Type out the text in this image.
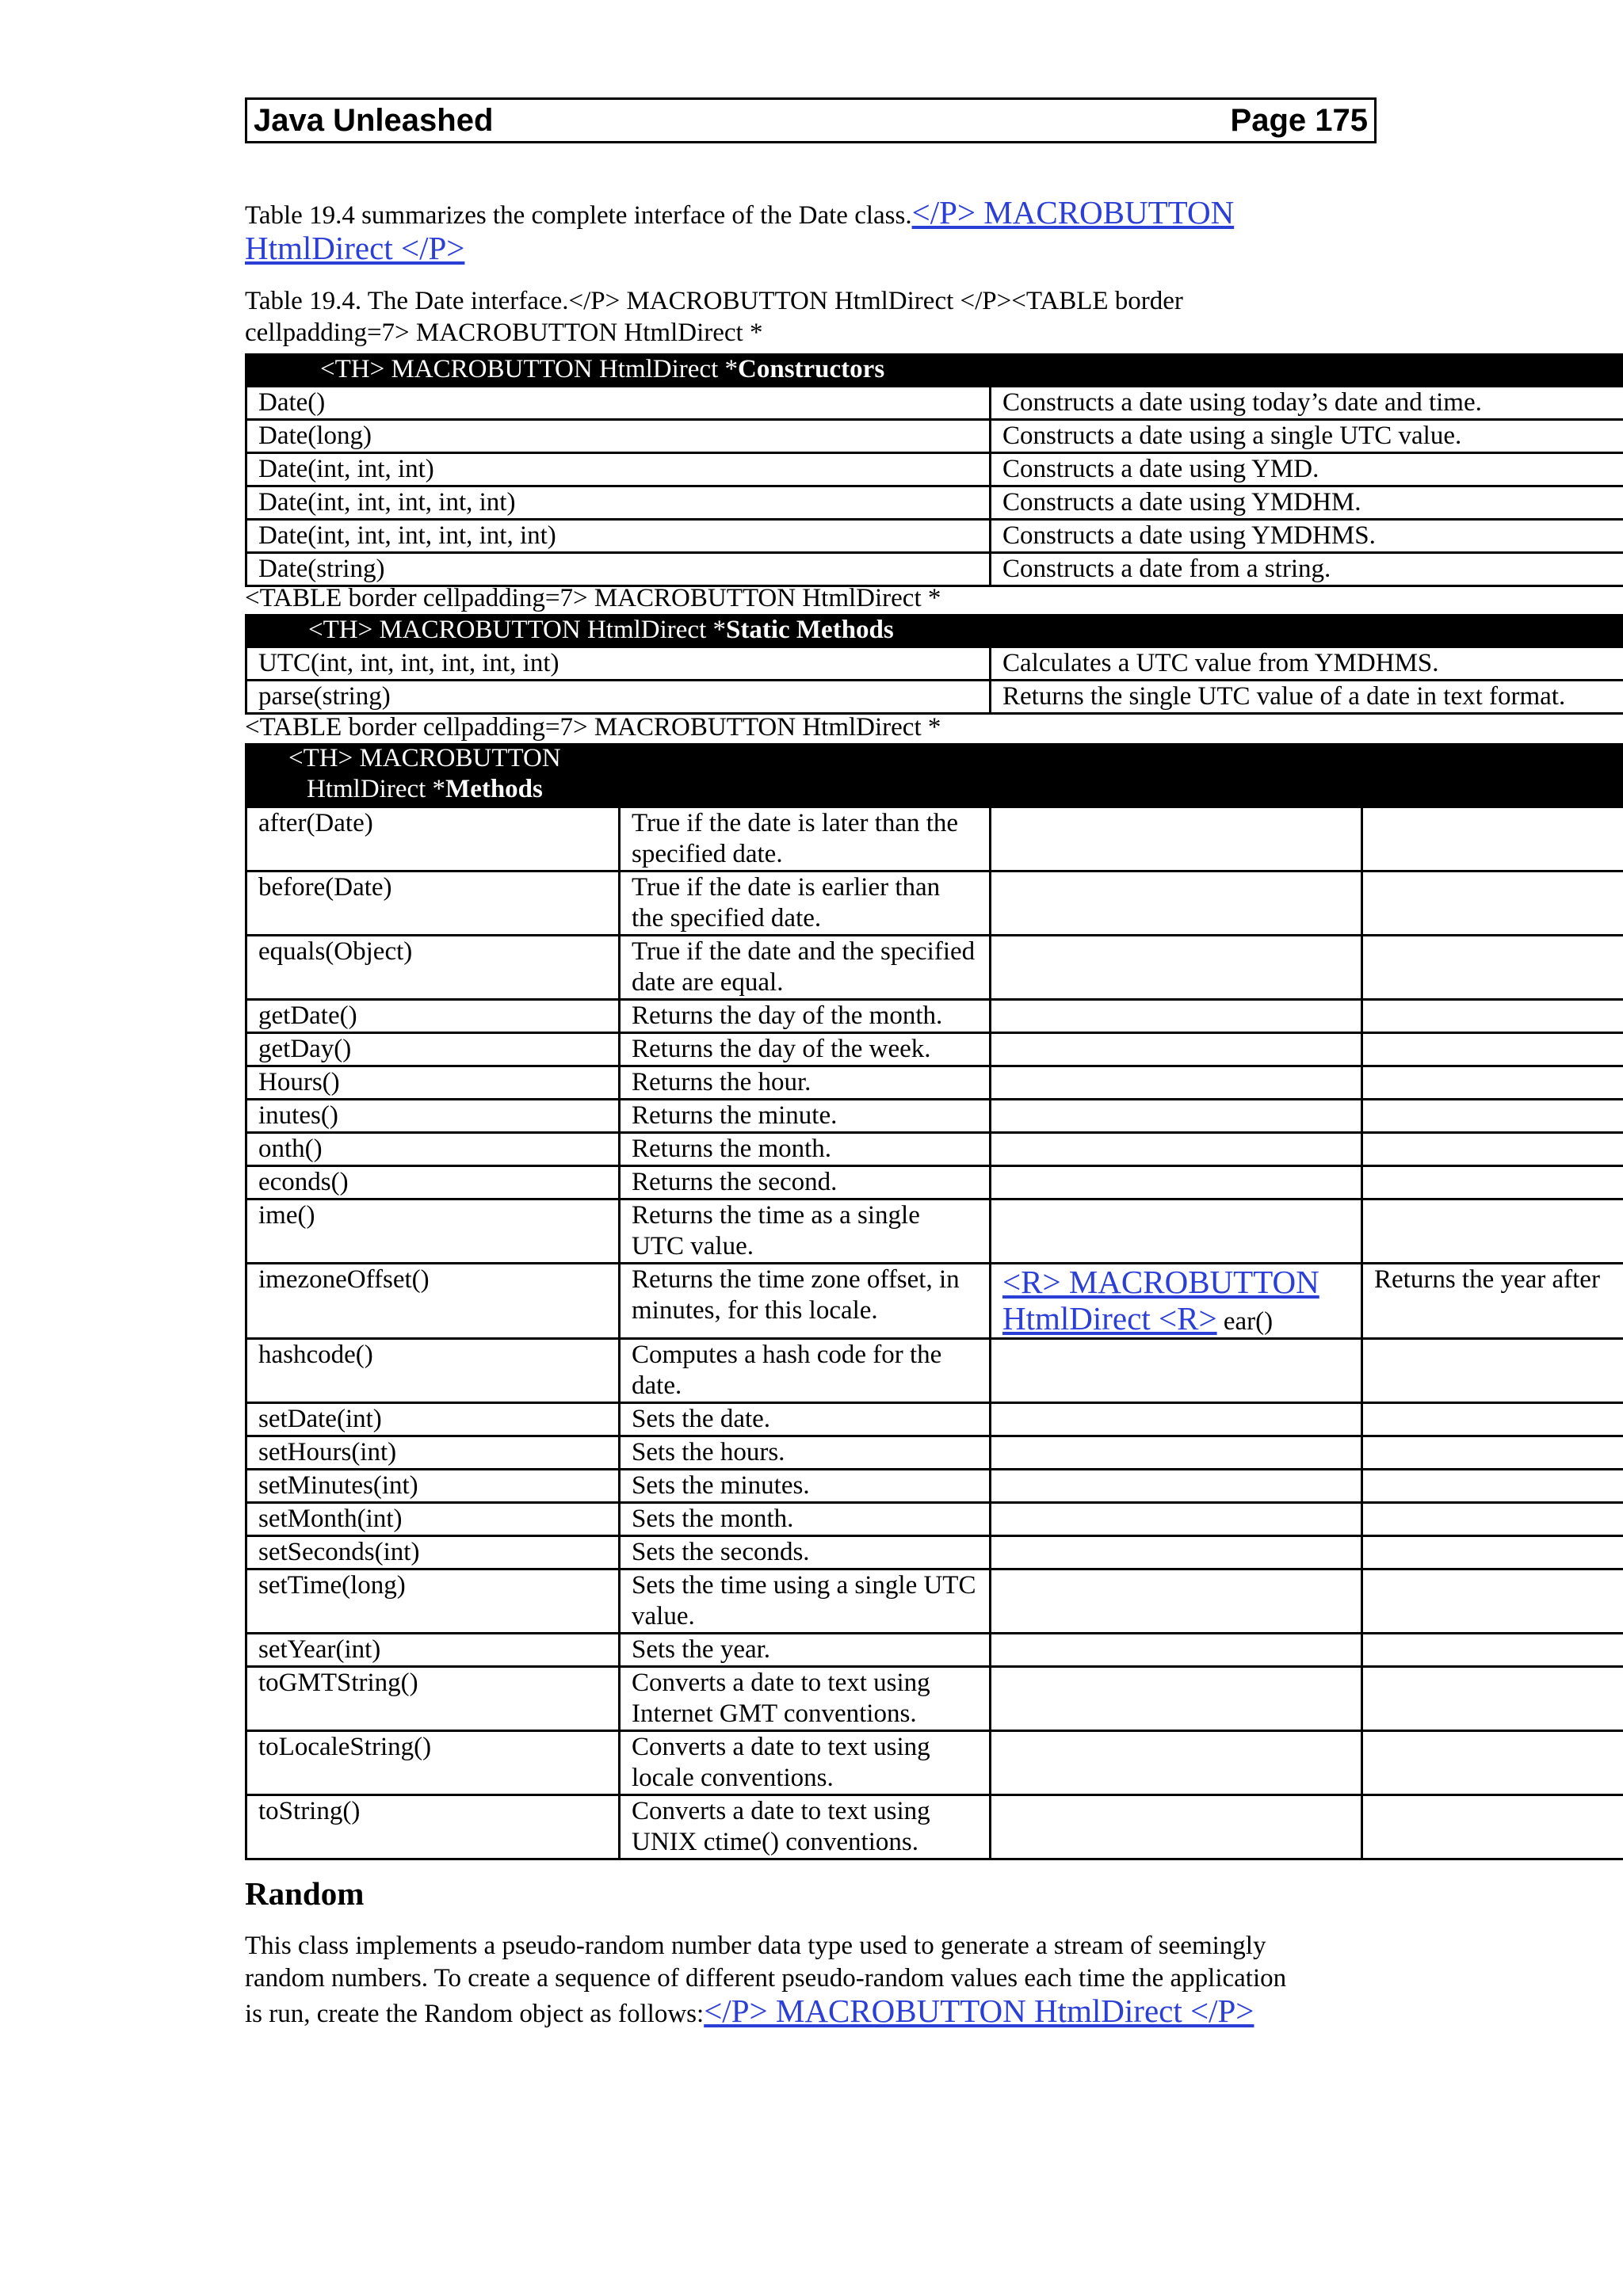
Java Unleashed	Page 175
Table 19.4 summarizes the complete interface of the Date class.</P> MACROBUTTON HtmlDirect </P>
Table 19.4. The Date interface.</P> MACROBUTTON HtmlDirect </P><TABLE border
cellpadding=7> MACROBUTTON HtmlDirect *
<TH> MACROBUTTON HtmlDirect *Constructors
Date()	Constructs a date using today’s date and time.
Date(long)	Constructs a date using a single UTC value.
Date(int, int, int)	Constructs a date using YMD.
Date(int, int, int, int, int)	Constructs a date using YMDHM.
Date(int, int, int, int, int, int)	Constructs a date using YMDHMS.
Date(string)	Constructs a date from a string.
<TABLE border cellpadding=7> MACROBUTTON HtmlDirect *
<TH> MACROBUTTON HtmlDirect *Static Methods
UTC(int, int, int, int, int, int)	Calculates a UTC value from YMDHMS.
parse(string)	Returns the single UTC value of a date in text format.
<TABLE border cellpadding=7> MACROBUTTON HtmlDirect *
<TH> MACROBUTTON
HtmlDirect *Methods
after(Date)	True if the date is later than the specified date.		
before(Date)	True if the date is earlier than the specified date.		
equals(Object)	True if the date and the specified date are equal.		
getDate()	Returns the day of the month.		
getDay()	Returns the day of the week.		
Hours()	Returns the hour.		
inutes()	Returns the minute.		
onth()	Returns the month.		
econds()	Returns the second.		
ime()	Returns the time as a single UTC value.		
imezoneOffset()	Returns the time zone offset, in minutes, for this locale.	<R> MACROBUTTON HtmlDirect <R> ear()	Returns the year after
hashcode()	Computes a hash code for the date.		
setDate(int)	Sets the date.		
setHours(int)	Sets the hours.		
setMinutes(int)	Sets the minutes.		
setMonth(int)	Sets the month.		
setSeconds(int)	Sets the seconds.		
setTime(long)	Sets the time using a single UTC value.		
setYear(int)	Sets the year.		
toGMTString()	Converts a date to text using Internet GMT conventions.		
toLocaleString()	Converts a date to text using locale conventions.		
toString()	Converts a date to text using UNIX ctime() conventions.		
Random
This class implements a pseudo-random number data type used to generate a stream of seemingly
random numbers. To create a sequence of different pseudo-random values each time the application
is run, create the Random object as follows:</P> MACROBUTTON HtmlDirect </P>
